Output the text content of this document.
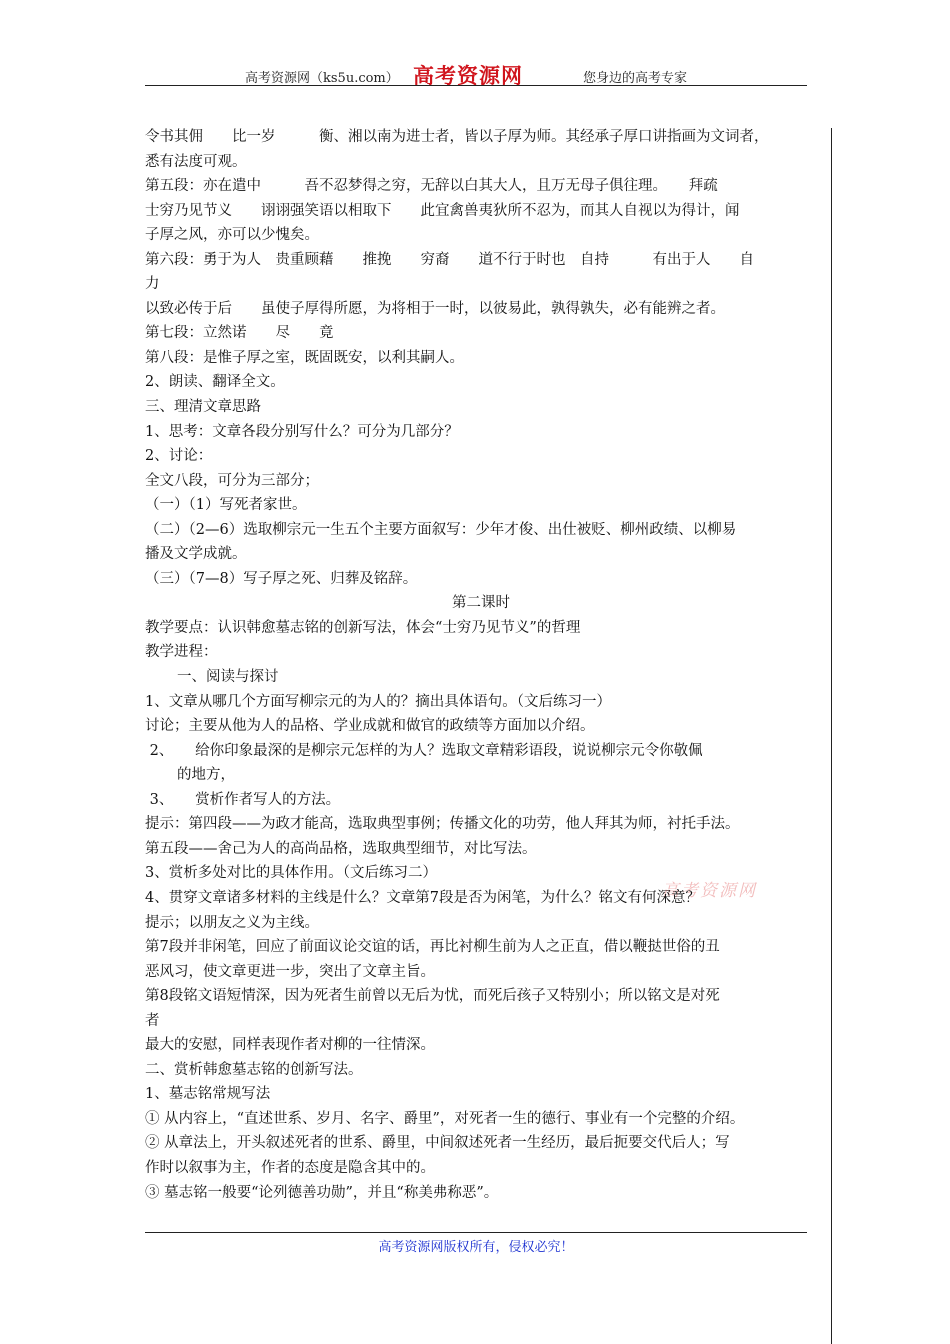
高考资源网（ks5u.com） 高考资源网	您身边的高考专家
高考资源网
令书其佣　　比一岁　　　衡、湘以南为进士者，皆以子厚为师。其经承子厚口讲指画为文词者，
悉有法度可观。
第五段：亦在遣中　　　吾不忍梦得之穷，无辞以白其大人，且万无母子俱往理。　　拜疏
士穷乃见节义　　诩诩强笑语以相取下　　此宜禽兽夷狄所不忍为，而其人自视以为得计，闻
子厚之风，亦可以少愧矣。
第六段：勇于为人　贵重顾藉　　推挽　　穷裔　　道不行于时也　自持　　　有出于人　　自
力
以致必传于后　　虽使子厚得所愿，为将相于一时，以彼易此，孰得孰失，必有能辨之者。
第七段：立然诺　　尽　　竟
第八段：是惟子厚之室，既固既安，以利其嗣人。
2、朗读、翻译全文。
三、理清文章思路
1、思考：文章各段分别写什么？可分为几部分？
2、讨论：
全文八段，可分为三部分；
（一）（1）写死者家世。
（二）（2—6）选取柳宗元一生五个主要方面叙写：少年才俊、出仕被贬、柳州政绩、以柳易
播及文学成就。
（三）（7—8）写子厚之死、归葬及铭辞。
第二课时
教学要点：认识韩愈墓志铭的创新写法，体会“士穷乃见节义”的哲理
教学进程：
一、阅读与探讨
1、文章从哪几个方面写柳宗元的为人的？摘出具体语句。（文后练习一）
讨论；主要从他为人的品格、学业成就和做官的政绩等方面加以介绍。
2、　　给你印象最深的是柳宗元怎样的为人？选取文章精彩语段，说说柳宗元令你敬佩
的地方，
3、　　赏析作者写人的方法。
提示：第四段——为政才能高，选取典型事例；传播文化的功劳，他人拜其为师，衬托手法。
第五段——舍己为人的高尚品格，选取典型细节，对比写法。
3、赏析多处对比的具体作用。（文后练习二）
4、贯穿文章诸多材料的主线是什么？文章第7段是否为闲笔，为什么？铭文有何深意？
提示；以朋友之义为主线。
第7段并非闲笔，回应了前面议论交谊的话，再比衬柳生前为人之正直，借以鞭挞世俗的丑
恶风习，使文章更进一步，突出了文章主旨。
第8段铭文语短情深，因为死者生前曾以无后为忧，而死后孩子又特别小；所以铭文是对死
者
最大的安慰，同样表现作者对柳的一往情深。
二、赏析韩愈墓志铭的创新写法。
1、墓志铭常规写法
① 从内容上，“直述世系、岁月、名字、爵里”，对死者一生的德行、事业有一个完整的介绍。
② 从章法上，开头叙述死者的世系、爵里，中间叙述死者一生经历，最后扼要交代后人；写
作时以叙事为主，作者的态度是隐含其中的。
③ 墓志铭一般要“论列德善功勋”，并且“称美弗称恶”。
高考资源网版权所有，侵权必究！
